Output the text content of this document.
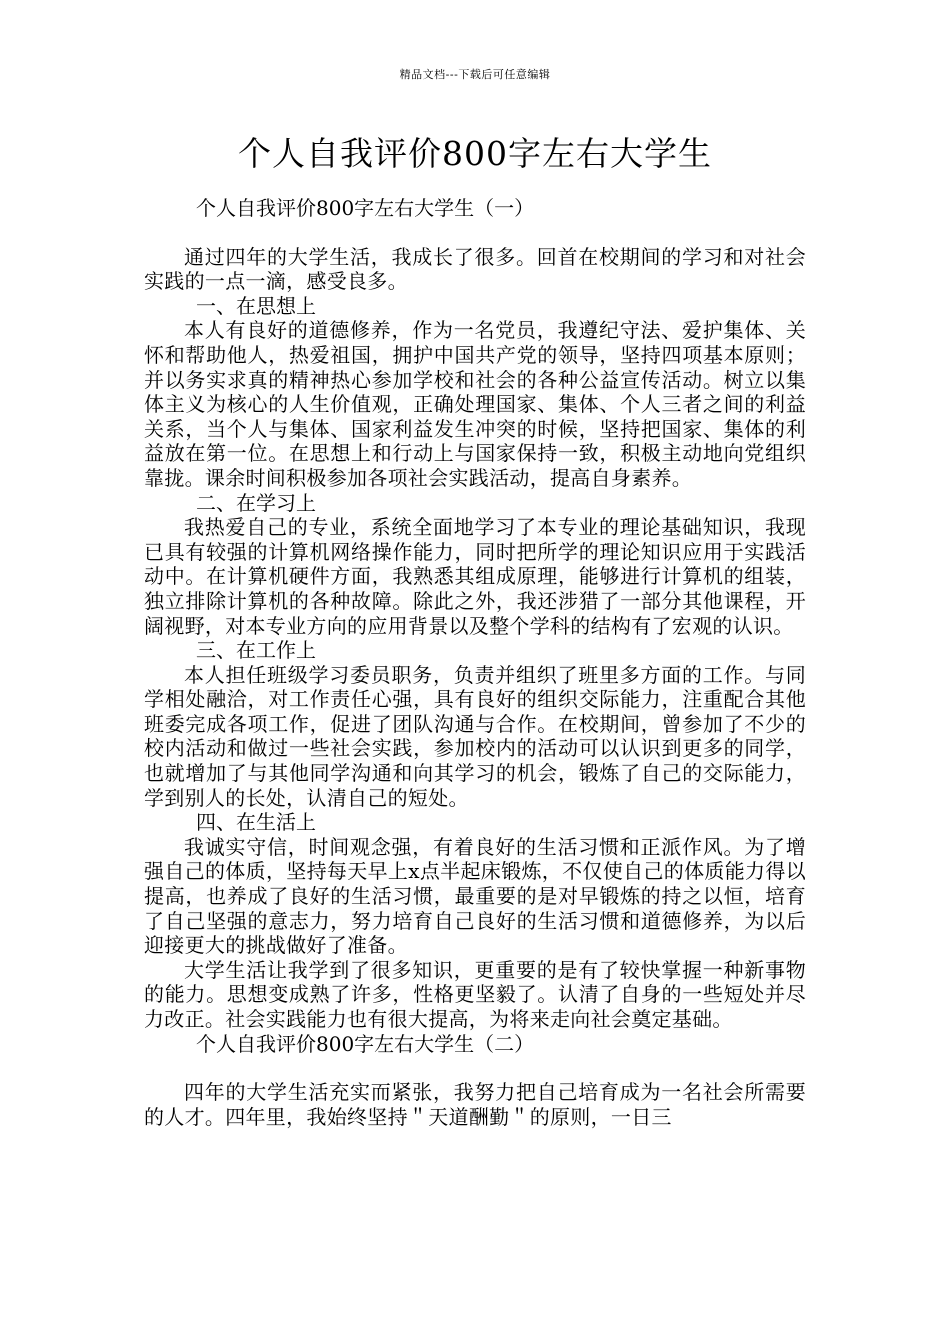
精品文档---下载后可任意编辑
个人自我评价800字左右大学生

个人自我评价800字左右大学生（一）

通过四年的大学生活，我成长了很多。回首在校期间的学习和对社会实践的一点一滴，感受良多。

一、在思想上

本人有良好的道德修养，作为一名党员，我遵纪守法、爱护集体、关怀和帮助他人，热爱祖国，拥护中国共产党的领导，坚持四项基本原则；并以务实求真的精神热心参加学校和社会的各种公益宣传活动。树立以集体主义为核心的人生价值观，正确处理国家、集体、个人三者之间的利益关系，当个人与集体、国家利益发生冲突的时候，坚持把国家、集体的利益放在第一位。在思想上和行动上与国家保持一致，积极主动地向党组织靠拢。课余时间积极参加各项社会实践活动，提高自身素养。

二、在学习上

我热爱自己的专业，系统全面地学习了本专业的理论基础知识，我现已具有较强的计算机网络操作能力，同时把所学的理论知识应用于实践活动中。在计算机硬件方面，我熟悉其组成原理，能够进行计算机的组装，独立排除计算机的各种故障。除此之外，我还涉猎了一部分其他课程，开阔视野，对本专业方向的应用背景以及整个学科的结构有了宏观的认识。

三、在工作上

本人担任班级学习委员职务，负责并组织了班里多方面的工作。与同学相处融洽，对工作责任心强，具有良好的组织交际能力，注重配合其他班委完成各项工作，促进了团队沟通与合作。在校期间，曾参加了不少的校内活动和做过一些社会实践，参加校内的活动可以认识到更多的同学，也就增加了与其他同学沟通和向其学习的机会，锻炼了自己的交际能力，学到别人的长处，认清自己的短处。

四、在生活上

我诚实守信，时间观念强，有着良好的生活习惯和正派作风。为了增强自己的体质，坚持每天早上x点半起床锻炼，不仅使自己的体质能力得以提高，也养成了良好的生活习惯，最重要的是对早锻炼的持之以恒，培育了自己坚强的意志力，努力培育自己良好的生活习惯和道德修养，为以后迎接更大的挑战做好了准备。

大学生活让我学到了很多知识，更重要的是有了较快掌握一种新事物的能力。思想变成熟了许多，性格更坚毅了。认清了自身的一些短处并尽力改正。社会实践能力也有很大提高，为将来走向社会奠定基础。

个人自我评价800字左右大学生（二）

四年的大学生活充实而紧张，我努力把自己培育成为一名社会所需要的人才。四年里，我始终坚持＂天道酬勤＂的原则，一日三
